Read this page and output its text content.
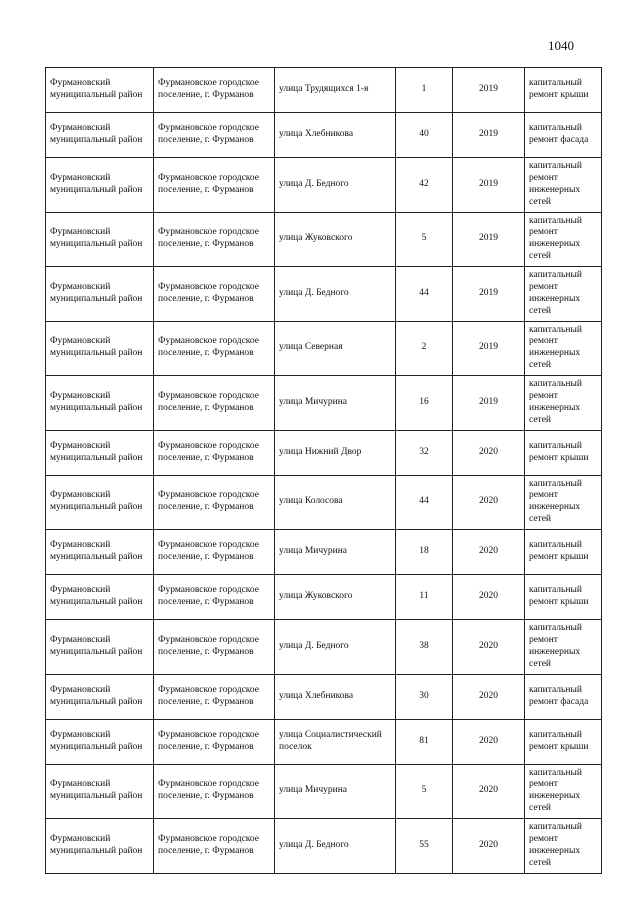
1040
Фурмановский муниципальный район	Фурмановское городское поселение, г. Фурманов	улица Трудящихся 1-я	1	2019	капитальный ремонт крыши
Фурмановский муниципальный район	Фурмановское городское поселение, г. Фурманов	улица Хлебникова	40	2019	капитальный ремонт фасада
Фурмановский муниципальный район	Фурмановское городское поселение, г. Фурманов	улица Д. Бедного	42	2019	капитальный ремонт инженерных сетей
Фурмановский муниципальный район	Фурмановское городское поселение, г. Фурманов	улица Жуковского	5	2019	капитальный ремонт инженерных сетей
Фурмановский муниципальный район	Фурмановское городское поселение, г. Фурманов	улица Д. Бедного	44	2019	капитальный ремонт инженерных сетей
Фурмановский муниципальный район	Фурмановское городское поселение, г. Фурманов	улица Северная	2	2019	капитальный ремонт инженерных сетей
Фурмановский муниципальный район	Фурмановское городское поселение, г. Фурманов	улица Мичурина	16	2019	капитальный ремонт инженерных сетей
Фурмановский муниципальный район	Фурмановское городское поселение, г. Фурманов	улица Нижний Двор	32	2020	капитальный ремонт крыши
Фурмановский муниципальный район	Фурмановское городское поселение, г. Фурманов	улица Колосова	44	2020	капитальный ремонт инженерных сетей
Фурмановский муниципальный район	Фурмановское городское поселение, г. Фурманов	улица Мичурина	18	2020	капитальный ремонт крыши
Фурмановский муниципальный район	Фурмановское городское поселение, г. Фурманов	улица Жуковского	11	2020	капитальный ремонт крыши
Фурмановский муниципальный район	Фурмановское городское поселение, г. Фурманов	улица Д. Бедного	38	2020	капитальный ремонт инженерных сетей
Фурмановский муниципальный район	Фурмановское городское поселение, г. Фурманов	улица Хлебникова	30	2020	капитальный ремонт фасада
Фурмановский муниципальный район	Фурмановское городское поселение, г. Фурманов	улица Социалистический поселок	81	2020	капитальный ремонт крыши
Фурмановский муниципальный район	Фурмановское городское поселение, г. Фурманов	улица Мичурина	5	2020	капитальный ремонт инженерных сетей
Фурмановский муниципальный район	Фурмановское городское поселение, г. Фурманов	улица Д. Бедного	55	2020	капитальный ремонт инженерных сетей
